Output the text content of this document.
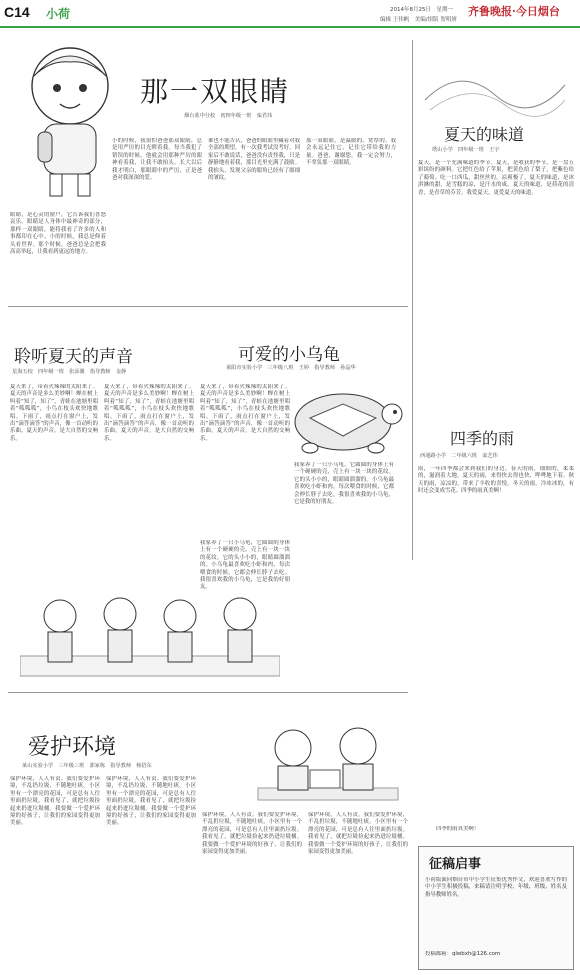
C14 小荷	2014年8月25日　星期一
编辑 王伟帆　美编/组版 贺明妍
齐鲁晚报·今日烟台
那一双眼睛
烟台蓝中分校　初四年级一班　栾君玮
眼睛，是心灵的窗户，它告诉我们喜怒哀乐。眼睛是人身体中最神奇的部分，那样一双眼睛，能将我看了许多的人和事都印在心中。小的时候，我总是仰着头看世界。那个时候，爸爸总是会把我高高举起，让我看到更远的地方。
小的时候，我很怕爸爸那双眼睛，总是用严厉的目光瞪着我。每当我犯了错误的时候，他就会用那种严厉的眼神看着我，让我不敢抬头。长大以后我才明白，那眼睛中的严厉，正是爸爸对我深深的爱。
谁也不能否认，爸爸的眼睛里藏着对我全部的期望。有一次我考试没考好，回家后不敢说话，爸爸没有责怪我，只是静静地看着我，那目光里充满了鼓励。我抬头，发现父亲的眼角已经有了细细的皱纹。
那一双眼睛，是温暖的、宽厚的。我会永远记住它，记住它带给我的力量。爸爸，谢谢您，我一定会努力，不辜负那一双眼睛。
夏天的味道
塔山小学　四年级一班　王宇
夏天，是一个充满味道的季节。夏天，是收获的季节，是一盘五彩缤纷的颜料。它把红色给了苹果，把黄色给了梨子，把紫色给了葡萄。吃一口西瓜，甜丝丝的，凉爽极了。夏天的味道，是冰淇淋的甜，是雪糕的凉，是汗水的咸。夏天的味道，是荷花的清香，是青草的芬芳。我爱夏天，更爱夏天的味道。
聆听夏天的声音
星海五校　四年级一班　张添翼　指导教师　金静
夏天来了，带着火辣辣的太阳来了。夏天的声音是多么美妙啊！蝉在树上叫着“知了，知了”，青蛙在池塘里唱着“呱呱呱”，小鸟在枝头欢快地歌唱。下雨了，雨点打在窗户上，发出“滴答滴答”的声音，像一首动听的乐曲。夏天的声音，是大自然的交响乐。
夏天来了，带着火辣辣的太阳来了。夏天的声音是多么美妙啊！蝉在树上叫着“知了，知了”，青蛙在池塘里唱着“呱呱呱”，小鸟在枝头欢快地歌唱。下雨了，雨点打在窗户上，发出“滴答滴答”的声音，像一首动听的乐曲。夏天的声音，是大自然的交响乐。
夏天来了，带着火辣辣的太阳来了。夏天的声音是多么美妙啊！蝉在树上叫着“知了，知了”，青蛙在池塘里唱着“呱呱呱”，小鸟在枝头欢快地歌唱。下雨了，雨点打在窗户上，发出“滴答滴答”的声音，像一首动听的乐曲。夏天的声音，是大自然的交响乐。
可爱的小乌龟
莱阳市实验小学　三年级八班　王婷　指导教师　孙晶华
我家养了一只小乌龟，它圆圆的身体上有一个硬硬的壳，壳上有一块一块的花纹。它的头小小的，眼睛圆溜溜的。小乌龟最喜欢吃小虾和肉，每次喂食的时候，它都会伸长脖子去吃。我很喜欢我的小乌龟，它是我的好朋友。
我家养了一只小乌龟，它圆圆的身体上有一个硬硬的壳，壳上有一块一块的花纹。它的头小小的，眼睛圆溜溜的。小乌龟最喜欢吃小虾和肉，每次喂食的时候，它都会伸长脖子去吃。我很喜欢我的小乌龟，它是我的好朋友。
四季的雨
西通路小学　二年级六班　栾艺伟
雨，一年四季都会来到我们的身边。春天的雨，细细的，柔柔的，滋润着大地。夏天的雨，来得快去得也快，哗哗地下着。秋天的雨，凉凉的，带来了丰收的喜悦。冬天的雨，冷冰冰的，有时还会变成雪花。四季的雨真美啊！
四季的雨真美啊！
爱护环境
莱山实验小学　三年级三班　郭家栋　指导教师　杨招东
保护环境，人人有责。我们要爱护环境，不乱扔垃圾，不随地吐痰。小区里有一个漂亮的花园，可是总有人往里面扔垃圾。我看见了，就把垃圾捡起来扔进垃圾桶。我要做一个爱护环境的好孩子，让我们的家园变得更加美丽。
保护环境，人人有责。我们要爱护环境，不乱扔垃圾，不随地吐痰。小区里有一个漂亮的花园，可是总有人往里面扔垃圾。我看见了，就把垃圾捡起来扔进垃圾桶。我要做一个爱护环境的好孩子，让我们的家园变得更加美丽。
保护环境，人人有责。我们要爱护环境，不乱扔垃圾，不随地吐痰。小区里有一个漂亮的花园，可是总有人往里面扔垃圾。我看见了，就把垃圾捡起来扔进垃圾桶。我要做一个爱护环境的好孩子，让我们的家园变得更加美丽。
保护环境，人人有责。我们要爱护环境，不乱扔垃圾，不随地吐痰。小区里有一个漂亮的花园，可是总有人往里面扔垃圾。我看见了，就把垃圾捡起来扔进垃圾桶。我要做一个爱护环境的好孩子，让我们的家园变得更加美丽。
征稿启事
小荷版面向烟台市中小学生征集优秀作文，欢迎喜欢写作的中小学生积极投稿，来稿请注明学校、年级、班级、姓名及指导教师姓名。
投稿邮箱：qlwbxh@126.com
